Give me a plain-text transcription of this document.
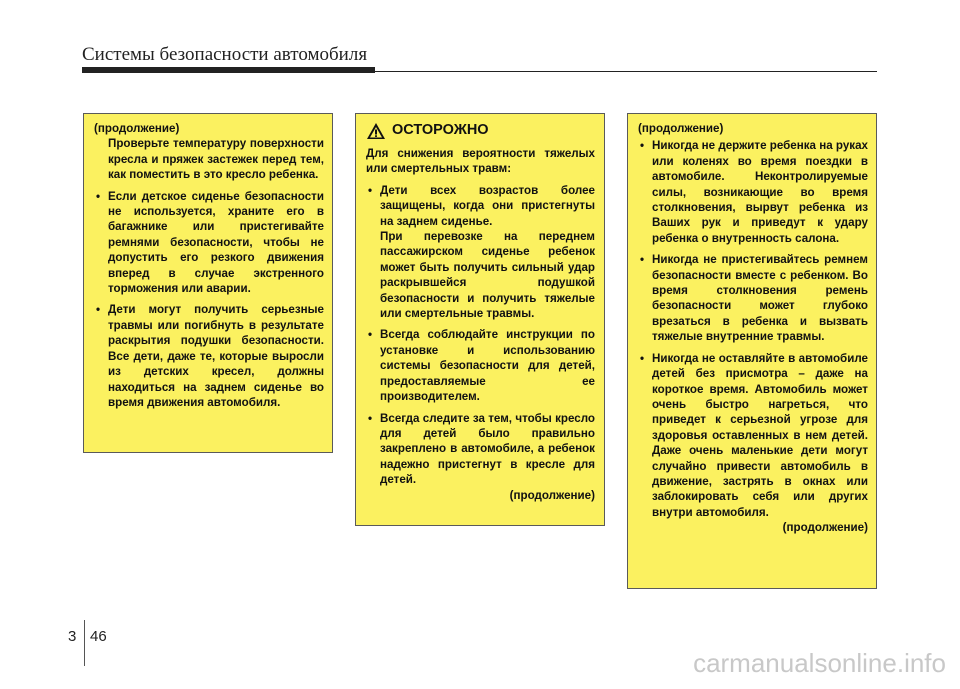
Системы безопасности автомобиля

(продолжение)

Проверьте температуру поверхности кресла и пряжек застежек перед тем, как поместить в это кресло ребенка.

• Если детское сиденье безопасности не используется, храните его в багажнике или пристегивайте ремнями безопасности, чтобы не допустить его резкого движения вперед в случае экстренного торможения или аварии.
• Дети могут получить серьезные травмы или погибнуть в результате раскрытия подушки безопасности. Все дети, даже те, которые выросли из детских кресел, должны находиться на заднем сиденье во время движения автомобиля.
ОСТОРОЖНО

Для снижения вероятности тяжелых или смертельных травм:

• Дети всех возрастов более защищены, когда они пристегнуты на заднем сиденье.

При перевозке на переднем пассажирском сиденье ребенок может быть получить сильный удар раскрывшейся подушкой безопасности и получить тяжелые или смертельные травмы.

• Всегда соблюдайте инструкции по установке и использованию системы безопасности для детей, предоставляемые ее производителем.
• Всегда следите за тем, чтобы кресло для детей было правильно закреплено в автомобиле, а ребенок надежно пристегнут в кресле для детей.

(продолжение)

(продолжение)

• Никогда не держите ребенка на руках или коленях во время поездки в автомобиле. Неконтролируемые силы, возникающие во время столкновения, вырвут ребенка из Ваших рук и приведут к удару ребенка о внутренность салона.
• Никогда не пристегивайтесь ремнем безопасности вместе с ребенком. Во время столкновения ремень безопасности может глубоко врезаться в ребенка и вызвать тяжелые внутренние травмы.
• Никогда не оставляйте в автомобиле детей без присмотра – даже на короткое время. Автомобиль может очень быстро нагреться, что приведет к серьезной угрозе для здоровья оставленных в нем детей. Даже очень маленькие дети могут случайно привести автомобиль в движение, застрять в окнах или заблокировать себя или других внутри автомобиля.

(продолжение)

3 46
carmanualsonline.info
